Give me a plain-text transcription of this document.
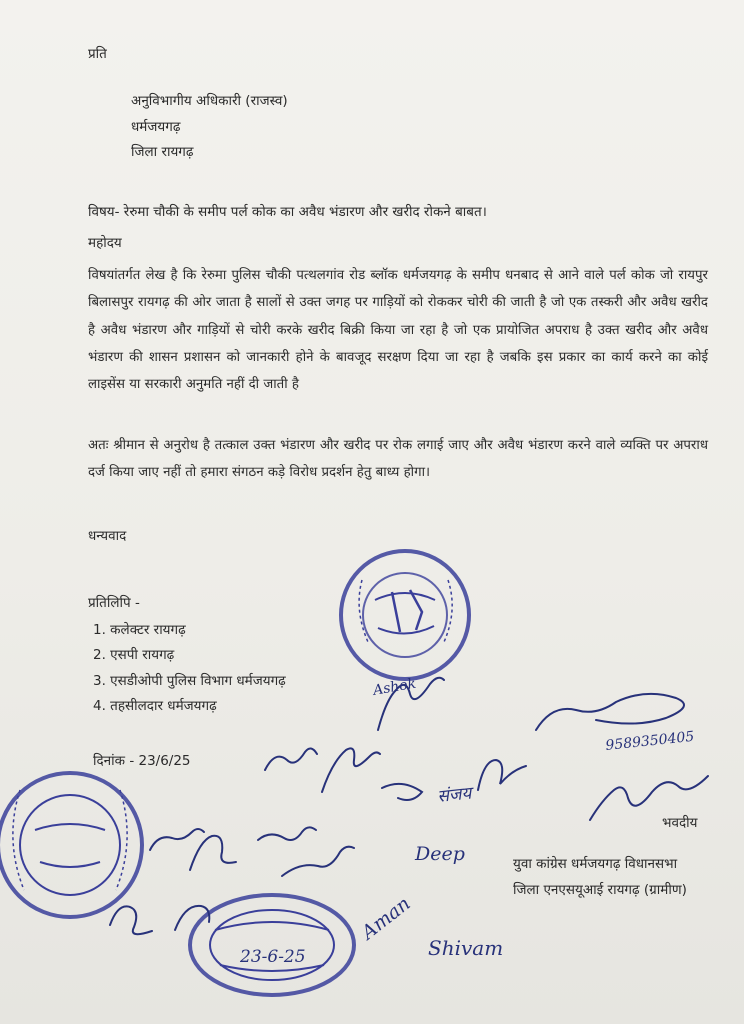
प्रति
अनुविभागीय अधिकारी (राजस्व)
धर्मजयगढ़
जिला रायगढ़
विषय- रेरुमा चौकी के समीप पर्ल कोक का अवैध भंडारण और खरीद रोकने बाबत।
महोदय
विषयांतर्गत लेख है कि रेरुमा पुलिस चौकी पत्थलगांव रोड ब्लॉक धर्मजयगढ़ के समीप धनबाद से आने वाले पर्ल कोक जो रायपुर बिलासपुर रायगढ़ की ओर जाता है सालों से उक्त जगह पर गाड़ियों को रोककर चोरी की जाती है जो एक तस्करी और अवैध खरीद है अवैध भंडारण और गाड़ियों से चोरी करके खरीद बिक्री किया जा रहा है जो एक प्रायोजित अपराध है उक्त खरीद और अवैध भंडारण की शासन प्रशासन को जानकारी होने के बावजूद सरक्षण दिया जा रहा है जबकि इस प्रकार का कार्य करने का कोई लाइसेंस या सरकारी अनुमति नहीं दी जाती है
अतः श्रीमान से अनुरोध है तत्काल उक्त भंडारण और खरीद पर रोक लगाई जाए और अवैध भंडारण करने वाले व्यक्ति पर अपराध दर्ज किया जाए नहीं तो हमारा संगठन कड़े विरोध प्रदर्शन हेतु बाध्य होगा।
धन्यवाद
प्रतिलिपि -
1. कलेक्टर रायगढ़
2. एसपी रायगढ़
3. एसडीओपी पुलिस विभाग धर्मजयगढ़
4. तहसीलदार धर्मजयगढ़
दिनांक - 23/6/25
भवदीय
युवा कांग्रेस धर्मजयगढ़ विधानसभा
जिला एनएसयूआई रायगढ़ (ग्रामीण)
Deep
Aman
Shivam
संजय
Ashok
23-6-25
9589350405
